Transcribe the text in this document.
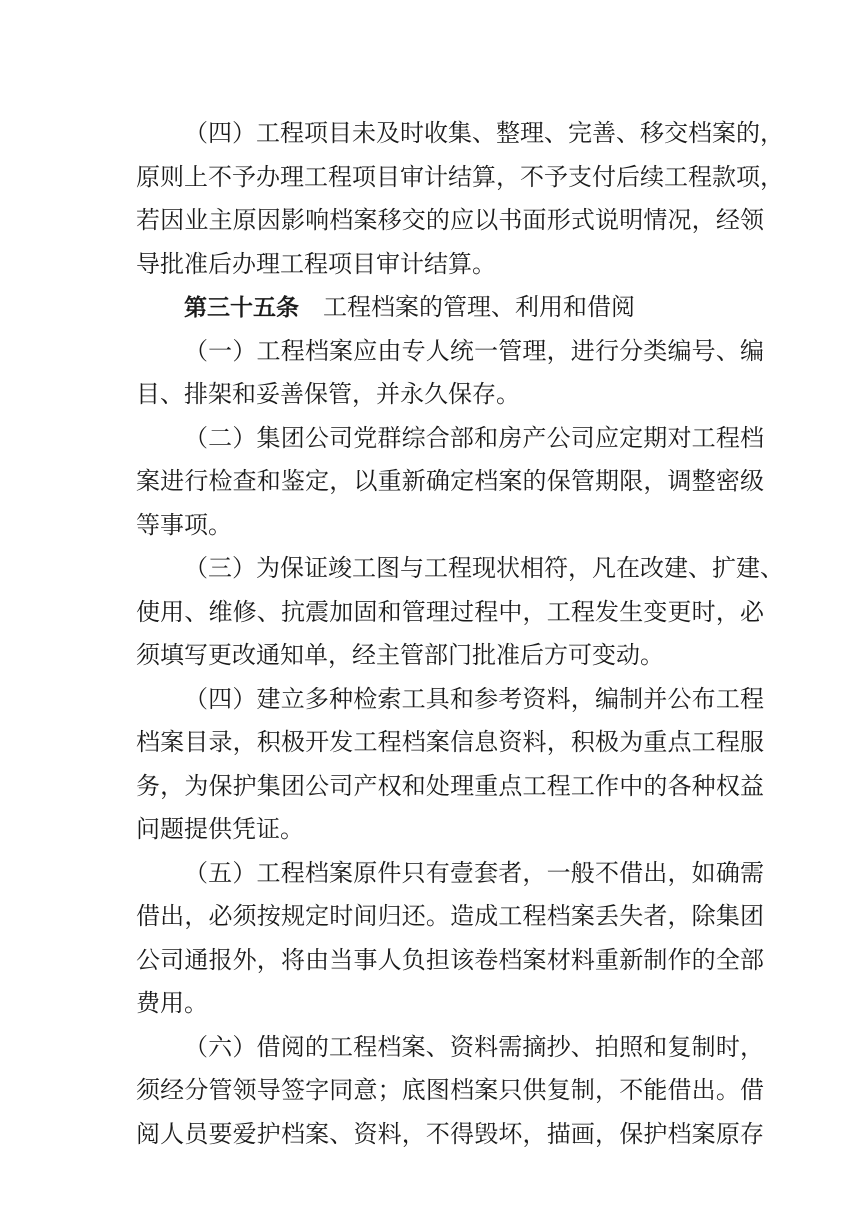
（四）工程项目未及时收集、整理、完善、移交档案的，
原则上不予办理工程项目审计结算，不予支付后续工程款项，
若因业主原因影响档案移交的应以书面形式说明情况，经领
导批准后办理工程项目审计结算。
第三十五条 工程档案的管理、利用和借阅
（一）工程档案应由专人统一管理，进行分类编号、编
目、排架和妥善保管，并永久保存。
（二）集团公司党群综合部和房产公司应定期对工程档
案进行检查和鉴定，以重新确定档案的保管期限，调整密级
等事项。
（三）为保证竣工图与工程现状相符，凡在改建、扩建、
使用、维修、抗震加固和管理过程中，工程发生变更时，必
须填写更改通知单，经主管部门批准后方可变动。
（四）建立多种检索工具和参考资料，编制并公布工程
档案目录，积极开发工程档案信息资料，积极为重点工程服
务，为保护集团公司产权和处理重点工程工作中的各种权益
问题提供凭证。
（五）工程档案原件只有壹套者，一般不借出，如确需
借出，必须按规定时间归还。造成工程档案丢失者，除集团
公司通报外，将由当事人负担该卷档案材料重新制作的全部
费用。
（六）借阅的工程档案、资料需摘抄、拍照和复制时，
须经分管领导签字同意；底图档案只供复制，不能借出。借
阅人员要爱护档案、资料，不得毁坏，描画，保护档案原存
